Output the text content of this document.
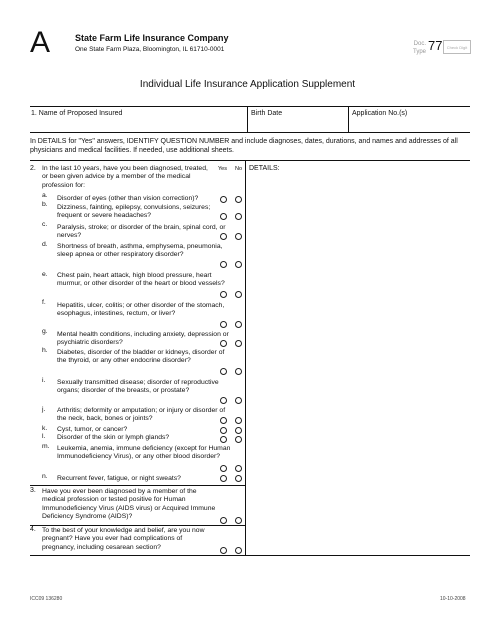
A	State Farm Life Insurance Company
One State Farm Plaza, Bloomington, IL 61710-0001
Doc.
Type 77	Check Digit
Individual Life Insurance Application Supplement
1. Name of Proposed Insured	Birth Date	Application No.(s)
In DETAILS for "Yes" answers, IDENTIFY QUESTION NUMBER and include diagnoses, dates, durations, and names and addresses of all physicians and medical facilities. If needed, use additional sheets.
Yes No DETAILS:
2. In the last 10 years, have you been diagnosed, treated, or been given advice by a member of the medical profession for:
a. Disorder of eyes (other than vision correction)?
b. Dizziness, fainting, epilepsy, convulsions, seizures; frequent or severe headaches?
c. Paralysis, stroke; or disorder of the brain, spinal cord, or nerves?
d. Shortness of breath, asthma, emphysema, pneumonia, sleep apnea or other respiratory disorder?
e. Chest pain, heart attack, high blood pressure, heart murmur, or other disorder of the heart or blood vessels?
f. Hepatitis, ulcer, colitis; or other disorder of the stomach, esophagus, intestines, rectum, or liver?
g. Mental health conditions, including anxiety, depression or psychiatric disorders?
h. Diabetes, disorder of the bladder or kidneys, disorder of the thyroid, or any other endocrine disorder?
i. Sexually transmitted disease; disorder of reproductive organs; disorder of the breasts, or prostate?
j. Arthritis; deformity or amputation; or injury or disorder of the neck, back, bones or joints?
k. Cyst, tumor, or cancer?
l. Disorder of the skin or lymph glands?
m. Leukemia, anemia, immune deficiency (except for Human Immunodeficiency Virus), or any other blood disorder?
n. Recurrent fever, fatigue, or night sweats?
3. Have you ever been diagnosed by a member of the medical profession or tested positive for Human Immunodeficiency Virus (AIDS virus) or Acquired Immune Deficiency Syndrome (AIDS)?
4. To the best of your knowledge and belief, are you now pregnant? Have you ever had complications of pregnancy, including cesarean section?
ICC09 136280	10-10-2008
